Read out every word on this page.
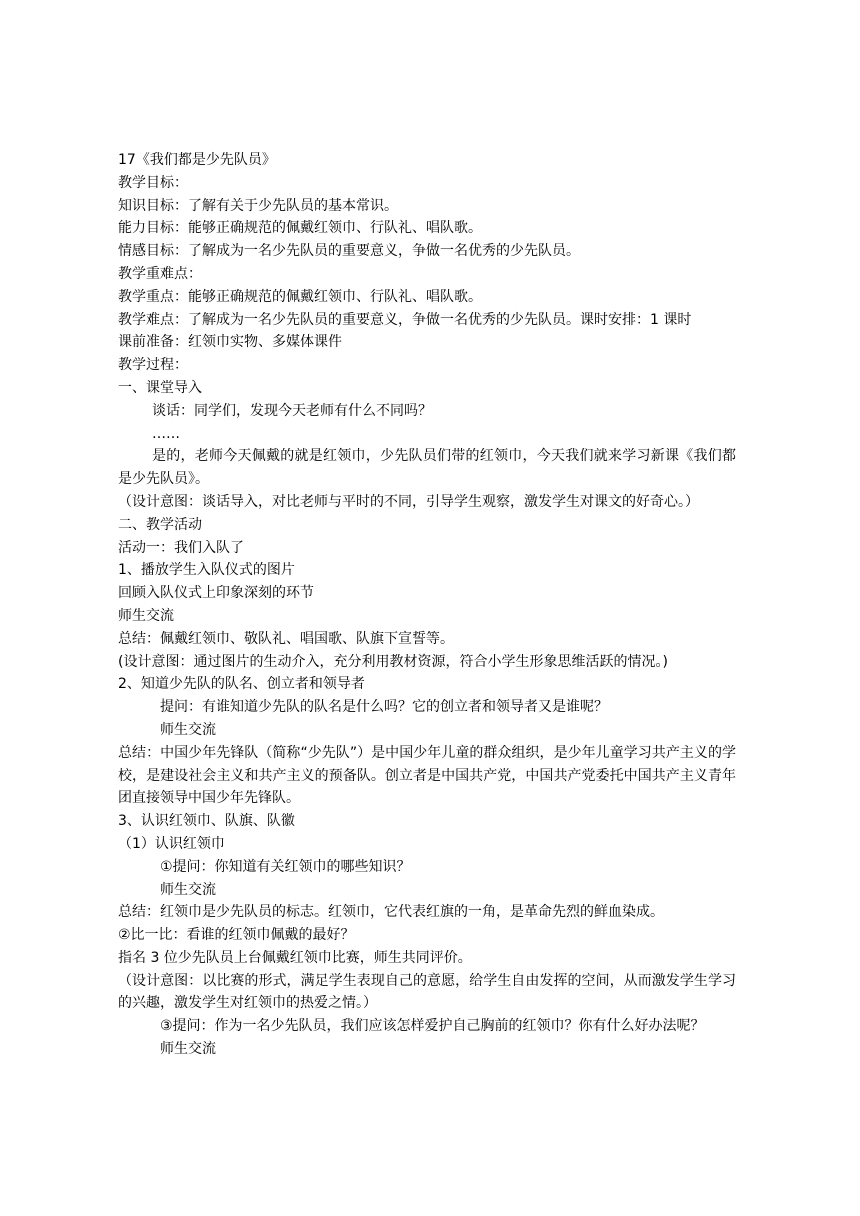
17《我们都是少先队员》

教学目标：

知识目标：了解有关于少先队员的基本常识。

能力目标：能够正确规范的佩戴红领巾、行队礼、唱队歌。

情感目标：了解成为一名少先队员的重要意义，争做一名优秀的少先队员。

教学重难点：

教学重点：能够正确规范的佩戴红领巾、行队礼、唱队歌。

教学难点：了解成为一名少先队员的重要意义，争做一名优秀的少先队员。课时安排：1 课时

课前准备：红领巾实物、多媒体课件

教学过程：

一、课堂导入

谈话：同学们，发现今天老师有什么不同吗？

……

是的，老师今天佩戴的就是红领巾，少先队员们带的红领巾，今天我们就来学习新课《我们都是少先队员》。

（设计意图：谈话导入，对比老师与平时的不同，引导学生观察，激发学生对课文的好奇心。）

二、教学活动

活动一：我们入队了

1、播放学生入队仪式的图片

回顾入队仪式上印象深刻的环节

师生交流

总结：佩戴红领巾、敬队礼、唱国歌、队旗下宣誓等。

(设计意图：通过图片的生动介入，充分利用教材资源，符合小学生形象思维活跃的情况。)

2、知道少先队的队名、创立者和领导者

提问：有谁知道少先队的队名是什么吗？它的创立者和领导者又是谁呢？

师生交流

总结：中国少年先锋队（简称“少先队”）是中国少年儿童的群众组织，是少年儿童学习共产主义的学校，是建设社会主义和共产主义的预备队。创立者是中国共产党，中国共产党委托中国共产主义青年团直接领导中国少年先锋队。

3、认识红领巾、队旗、队徽

（1）认识红领巾

①提问：你知道有关红领巾的哪些知识？

师生交流

总结：红领巾是少先队员的标志。红领巾，它代表红旗的一角，是革命先烈的鲜血染成。

②比一比：看谁的红领巾佩戴的最好？

指名 3 位少先队员上台佩戴红领巾比赛，师生共同评价。

（设计意图：以比赛的形式，满足学生表现自己的意愿，给学生自由发挥的空间，从而激发学生学习的兴趣，激发学生对红领巾的热爱之情。）

③提问：作为一名少先队员，我们应该怎样爱护自己胸前的红领巾？你有什么好办法呢？

师生交流
